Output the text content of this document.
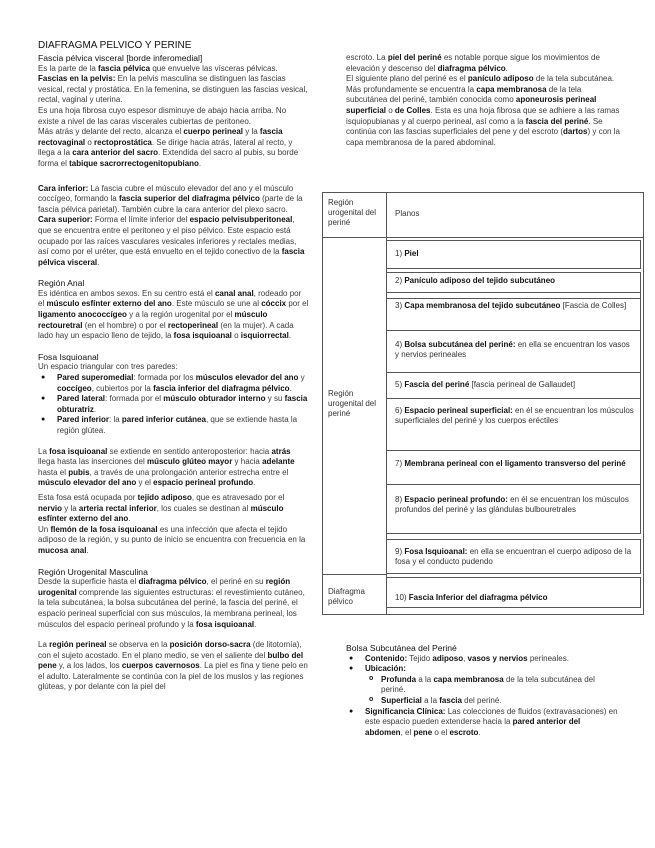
DIAFRAGMA PELVICO Y PERINE

Fascia pélvica visceral [borde inferomedial]

Es la parte de la fascia pélvica que envuelve las vísceras pélvicas.

Fascias en la pelvis: En la pelvis masculina se distinguen las fascias vesical, rectal y prostática. En la femenina, se distinguen las fascias vesical, rectal, vaginal y uterina.

Es una hoja fibrosa cuyo espesor disminuye de abajo hacia arriba. No existe a nivel de las caras viscerales cubiertas de peritoneo.

Más atrás y delante del recto, alcanza el cuerpo perineal y la fascia rectovaginal o rectoprostática. Se dirige hacia atrás, lateral al recto, y llega a la cara anterior del sacro. Extendida del sacro al pubis, su borde forma el tabique sacrorrectogenitopubiano.

Cara inferior: La fascia cubre el músculo elevador del ano y el músculo coccígeo, formando la fascia superior del diafragma pélvico (parte de la fascia pélvica parietal). También cubre la cara anterior del plexo sacro.

Cara superior: Forma el límite inferior del espacio pelvisubperitoneal, que se encuentra entre el peritoneo y el piso pélvico. Este espacio está ocupado por las raíces vasculares vesicales inferiores y rectales medias, así como por el uréter, que está envuelto en el tejido conectivo de la fascia pélvica visceral.

Región Anal

Es idéntica en ambos sexos. En su centro está el canal anal, rodeado por el músculo esfínter externo del ano. Este músculo se une al cóccix por el ligamento anococcígeo y a la región urogenital por el músculo rectouretral (en el hombre) o por el rectoperineal (en la mujer). A cada lado hay un espacio lleno de tejido, la fosa isquioanal o isquiorrectal.

Fosa Isquioanal

Un espacio triangular con tres paredes:

● Pared superomedial: formada por los músculos elevador del ano y coccígeo, cubiertos por la fascia inferior del diafragma pélvico.
● Pared lateral: formada por el músculo obturador interno y su fascia obturatriz.
● Pared inferior: la pared inferior cutánea, que se extiende hasta la región glútea.

La fosa isquioanal se extiende en sentido anteroposterior: hacia atrás llega hasta las inserciones del músculo glúteo mayor y hacia adelante hasta el pubis, a través de una prolongación anterior estrecha entre el músculo elevador del ano y el espacio perineal profundo.

Esta fosa está ocupada por tejido adiposo, que es atravesado por el nervio y la arteria rectal inferior, los cuales se destinan al músculo esfínter externo del ano.

Un flemón de la fosa isquioanal es una infección que afecta el tejido adiposo de la región, y su punto de inicio se encuentra con frecuencia en la mucosa anal.

Región Urogenital Masculina

Desde la superficie hasta el diafragma pélvico, el periné en su región urogenital comprende las siguientes estructuras: el revestimiento cutáneo, la tela subcutánea, la bolsa subcutánea del periné, la fascia del periné, el espacio perineal superficial con sus músculos, la membrana perineal, los músculos del espacio perineal profundo y la fosa isquioanal.

La región perineal se observa en la posición dorso-sacra (de litotomía), con el sujeto acostado. En el plano medio, se ven el saliente del bulbo del pene y, a los lados, los cuerpos cavernosos. La piel es fina y tiene pelo en el adulto. Lateralmente se continúa con la piel de los muslos y las regiones glúteas, y por delante con la piel del

escroto. La piel del periné es notable porque sigue los movimientos de elevación y descenso del diafragma pélvico.

El siguiente plano del periné es el panículo adiposo de la tela subcutánea. Más profundamente se encuentra la capa membranosa de la tela subcutánea del periné, también conocida como aponeurosis perineal superficial o de Colles. Esta es una hoja fibrosa que se adhiere a las ramas isquiopubianas y al cuerpo perineal, así como a la fascia del periné. Se continúa con las fascias superficiales del pene y del escroto (dartos) y con la capa membranosa de la pared abdominal.

Región urogenital del periné
Planos
Región urogenital del periné
Diafragma pélvico
1) Piel
2) Panículo adiposo del tejido subcutáneo
3) Capa membranosa del tejido subcutáneo [Fascia de Colles]
4) Bolsa subcutánea del periné: en ella se encuentran los vasos y nervios perineales
5) Fascia del periné [fascia perineal de Gallaudet]
6) Espacio perineal superficial: en él se encuentran los músculos superficiales del periné y los cuerpos eréctiles
7) Membrana perineal con el ligamento transverso del periné
8) Espacio perineal profundo: en él se encuentran los músculos profundos del periné y las glándulas bulbouretrales
9) Fosa Isquioanal: en ella se encuentran el cuerpo adiposo de la fosa y el conducto pudendo
10) Fascia Inferior del diafragma pélvico

Bolsa Subcutánea del Periné

● Contenido: Tejido adiposo, vasos y nervios perineales.
● Ubicación:
o Profunda a la capa membranosa de la tela subcutánea del periné.
o Superficial a la fascia del periné.
● Significancia Clínica: Las colecciones de fluidos (extravasaciones) en este espacio pueden extenderse hacia la pared anterior del abdomen, el pene o el escroto.
